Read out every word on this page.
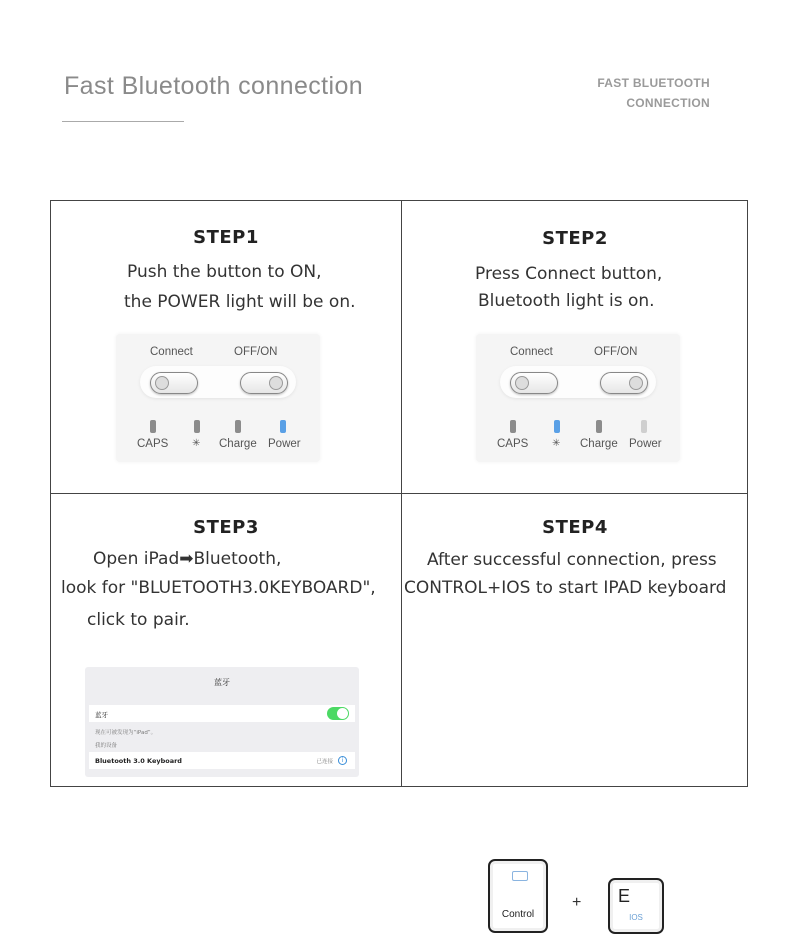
Fast Bluetooth connection	FAST BLUETOOTH
CONNECTION
STEP1
Push the button to ON,
the POWER light will be on.
Connect	OFF/ON
CAPS ✳ Charge Power
STEP2
Press Connect button,
Bluetooth light is on.
Connect	OFF/ON
CAPS ✳ Charge Power
STEP3
Open iPad➡Bluetooth,
look for "BLUETOOTH3.0KEYBOARD",
click to pair.
蓝牙
蓝牙
现在可被发现为“iPad”。
我的设备
Bluetooth 3.0 Keyboard	已连接	i
STEP4
After successful connection, press
CONTROL+IOS to start IPAD keyboard
Control
+	E
IOS
